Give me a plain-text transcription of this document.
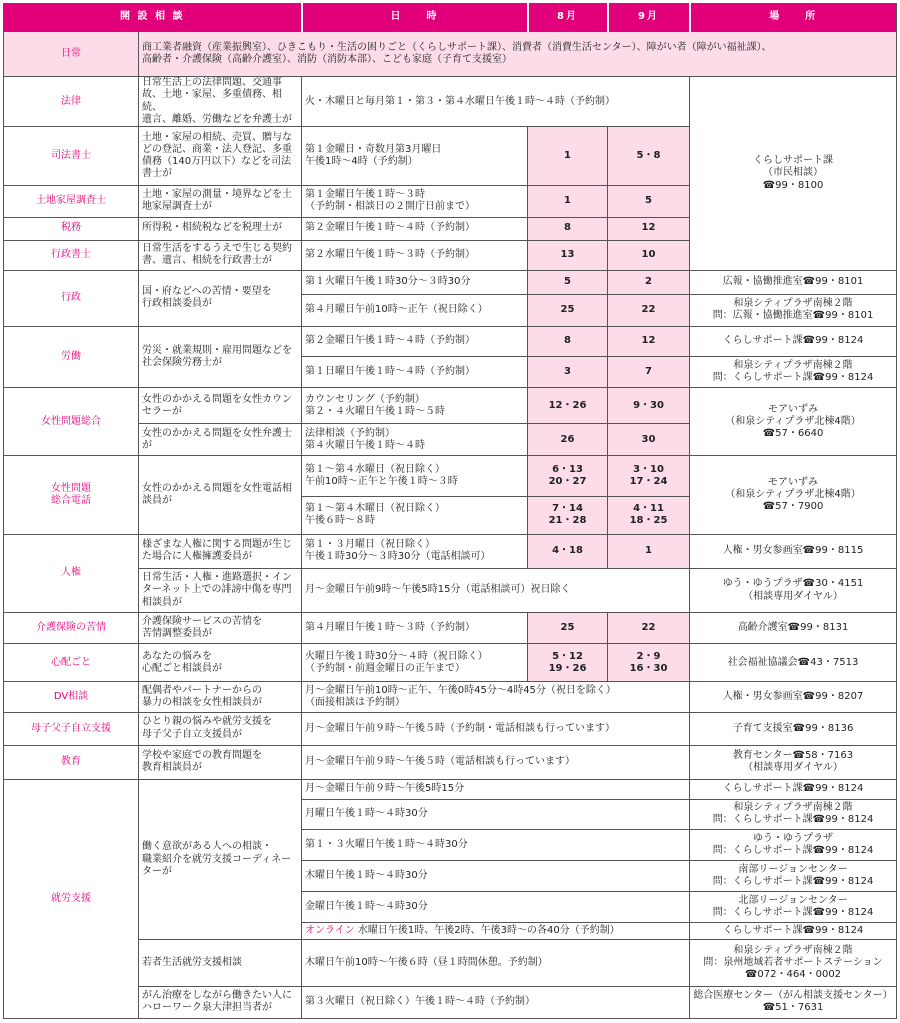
開 設 相 談		日　　時	8月	9月	場　　所
日常	商工業者融資（産業振興室）、ひきこもり・生活の困りごと（くらしサポート課）、消費者（消費生活センター）、障がい者（障がい福祉課）、
高齢者・介護保険（高齢介護室）、消防（消防本部）、こども家庭（子育て支援室）				
法律	日常生活上の法律問題、交通事故、土地・家屋、多重債務、相続、
遺言、離婚、労働などを弁護士が	火・木曜日と毎月第１・第３・第４水曜日午後１時～４時（予約制）			くらしサポート課
（市民相談）
☎99・8100
司法書士	土地・家屋の相続、売買、贈与などの登記、商業・法人登記、多重債務（140万円以下）などを司法書士が	第１金曜日・奇数月第3月曜日
午後1時～4時（予約制）	1	5・8	
土地家屋調査士	土地・家屋の測量・境界などを土地家屋調査士が	第１金曜日午後１時～３時
（予約制・相談日の２開庁日前まで）	1	5	
税務	所得税・相続税などを税理士が	第２金曜日午後１時～４時（予約制）	8	12	
行政書士	日常生活をするうえで生じる契約書、遺言、相続を行政書士が	第２水曜日午後１時～３時（予約制）	13	10	
行政	国・府などへの苦情・要望を
行政相談委員が	第１火曜日午後１時30分～３時30分	5	2	広報・協働推進室☎99・8101
		第４月曜日午前10時～正午（祝日除く）	25	22	和泉シティプラザ南棟２階
問：広報・協働推進室☎99・8101
労働	労災・就業規則・雇用問題などを社会保険労務士が	第２金曜日午後１時～４時（予約制）	8	12	くらしサポート課☎99・8124
		第１日曜日午後１時～４時（予約制）	3	7	和泉シティプラザ南棟２階
問：くらしサポート課☎99・8124
女性問題総合	女性のかかえる問題を女性カウンセラーが	カウンセリング（予約制）
第２・４火曜日午後１時～５時	12・26	9・30	モアいずみ
（和泉シティプラザ北棟4階）
☎57・6640
	女性のかかえる問題を女性弁護士が	法律相談（予約制）
第４火曜日午後１時～４時	26	30	
女性問題
総合電話	女性のかかえる問題を女性電話相談員が	第１～第４水曜日（祝日除く）
午前10時～正午と午後１時～３時	6・13
20・27	3・10
17・24	モアいずみ
（和泉シティプラザ北棟4階）
☎57・7900
		第１～第４木曜日（祝日除く）
午後６時～８時	7・14
21・28	4・11
18・25	
人権	様ざまな人権に関する問題が生じた場合に人権擁護委員が	第１・３月曜日（祝日除く）
午後１時30分～３時30分（電話相談可）	4・18	1	人権・男女参画室☎99・8115
	日常生活・人権・進路選択・インターネット上での誹謗中傷を専門相談員が	月～金曜日午前9時～午後5時15分（電話相談可）祝日除く			ゆう・ゆうプラザ☎30・4151
（相談専用ダイヤル）
介護保険の苦情	介護保険サービスの苦情を
苦情調整委員が	第４月曜日午後１時～３時（予約制）	25	22	高齢介護室☎99・8131
心配ごと	あなたの悩みを
心配ごと相談員が	火曜日午後１時30分～４時（祝日除く）
（予約制・前週金曜日の正午まで）	5・12
19・26	2・9
16・30	社会福祉協議会☎43・7513
DV相談	配偶者やパートナーからの
暴力の相談を女性相談員が	月～金曜日午前10時～正午、午後0時45分～4時45分（祝日を除く）
（面接相談は予約制）			人権・男女参画室☎99・8207
母子父子自立支援	ひとり親の悩みや就労支援を
母子父子自立支援員が	月～金曜日午前９時～午後５時（予約制・電話相談も行っています）			子育て支援室☎99・8136
教育	学校や家庭での教育問題を
教育相談員が	月～金曜日午前９時～午後５時（電話相談も行っています）			教育センター☎58・7163
（相談専用ダイヤル）
就労支援	働く意欲がある人への相談・
職業紹介を就労支援コーディネーターが	月～金曜日午前９時～午後5時15分			くらしサポート課☎99・8124
		月曜日午後１時～４時30分			和泉シティプラザ南棟２階
問：くらしサポート課☎99・8124
		第１・３火曜日午後１時～４時30分			ゆう・ゆうプラザ
問：くらしサポート課☎99・8124
		木曜日午後１時～４時30分			南部リージョンセンター
問：くらしサポート課☎99・8124
		金曜日午後１時～４時30分			北部リージョンセンター
問：くらしサポート課☎99・8124
		オンライン 水曜日午後1時、午後2時、午後3時～の各40分（予約制）			くらしサポート課☎99・8124
	若者生活就労支援相談	木曜日午前10時～午後６時（昼１時間休憩。予約制）			和泉シティプラザ南棟２階
問：泉州地域若者サポートステーション
☎072・464・0002
	がん治療をしながら働きたい人にハローワーク泉大津担当者が	第３火曜日（祝日除く）午後１時～４時（予約制）			総合医療センター（がん相談支援センター）
☎51・7631
